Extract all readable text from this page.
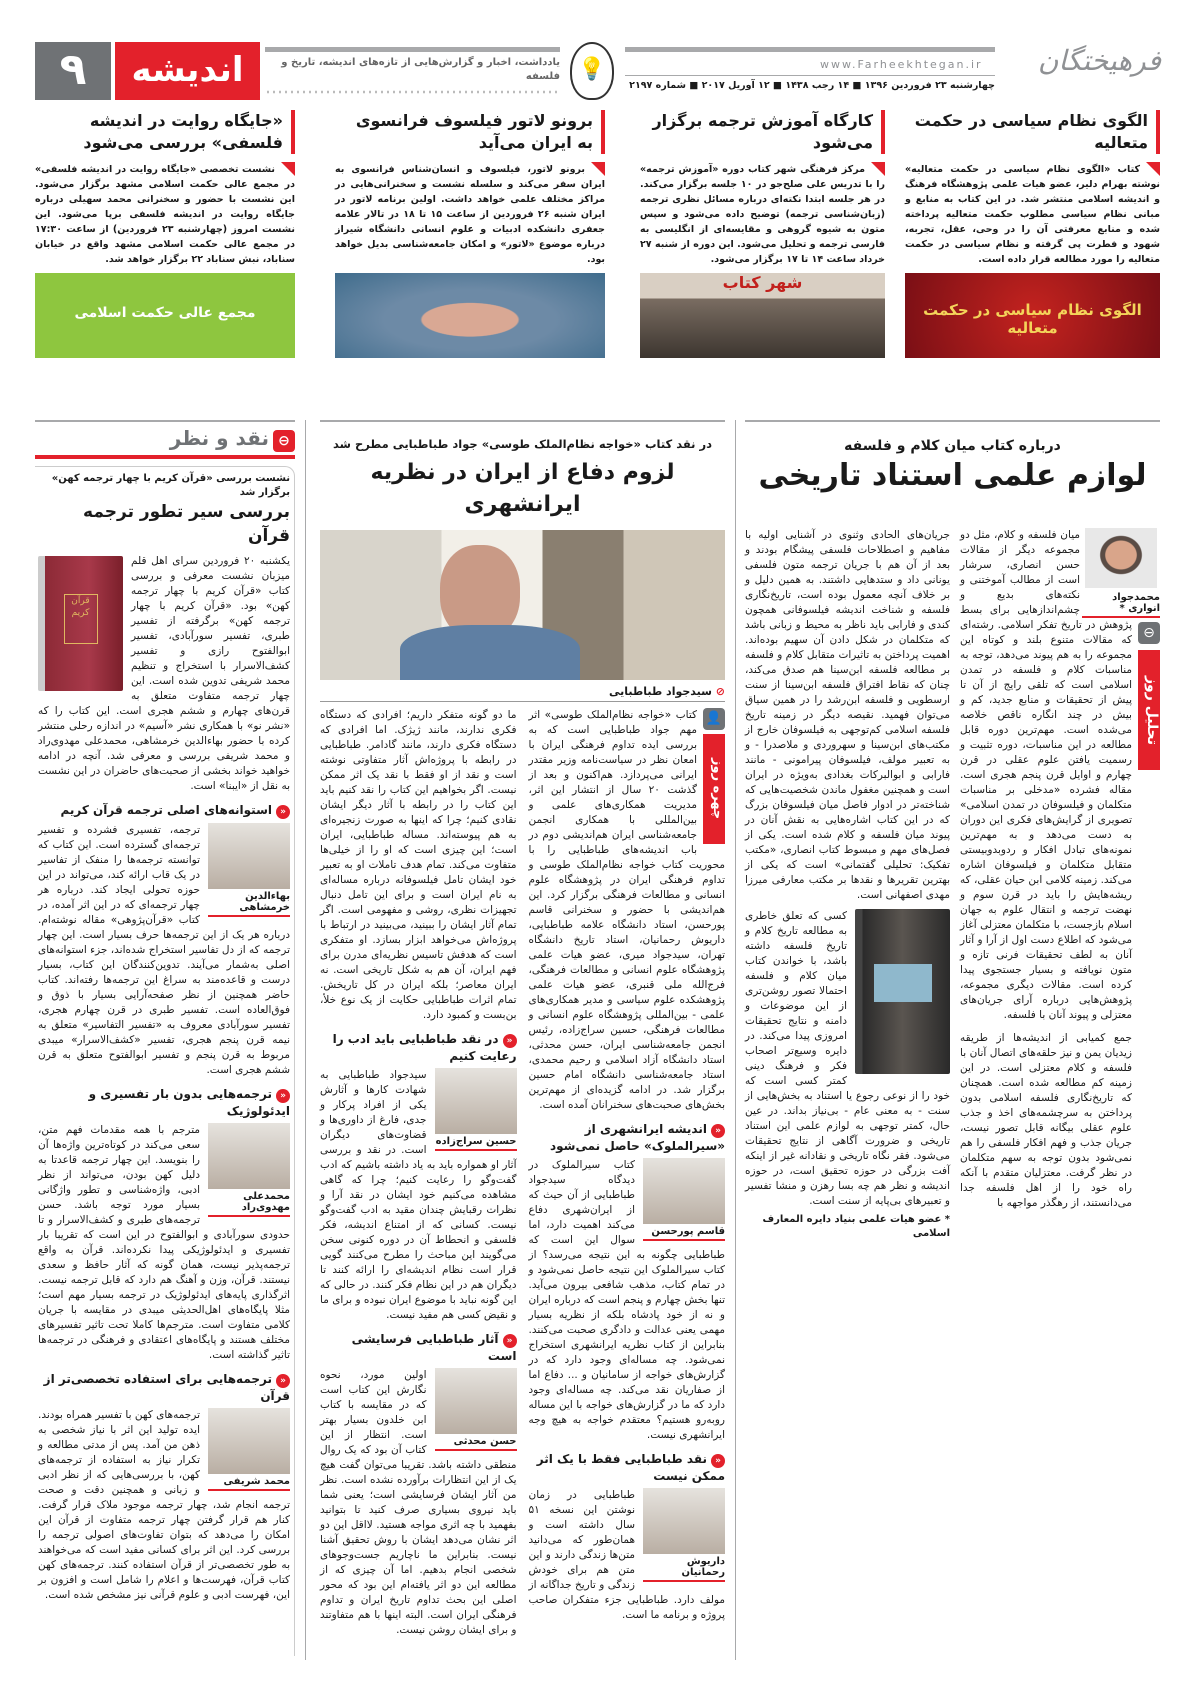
فرهیختگان
www.Farheekhtegan.ir
چهارشنبه ۲۳ فروردین ۱۳۹۶ ■ ۱۴ رجب ۱۴۳۸ ■ ۱۲ آوریل ۲۰۱۷ ■ شماره ۲۱۹۷
💡
یادداشت، اخبار و گزارش‌هایی از تازه‌های اندیشه، تاریخ و فلسفه
اندیشه
۹
الگوی نظام سیاسی در حکمت متعالیه
کتاب «الگوی نظام سیاسی در حکمت متعالیه» نوشته بهرام دلیر، عضو هیات علمی پژوهشگاه فرهنگ و اندیشه اسلامی منتشر شد. در این کتاب به منابع و مبانی نظام سیاسی مطلوب حکمت متعالیه پرداخته شده و منابع معرفتی آن را در وحی، عقل، تجربه، شهود و فطرت پی گرفته و نظام سیاسی در حکمت متعالیه را مورد مطالعه قرار داده است.
الگوی نظام سیاسی در حکمت متعالیه
کارگاه آموزش ترجمه برگزار می‌شود
مرکز فرهنگی شهر کتاب دوره «آموزش ترجمه» را با تدریس علی صلح‌جو در ۱۰ جلسه برگزار می‌کند. در هر جلسه ابتدا نکته‌ای درباره مسائل نظری ترجمه (زبان‌شناسی ترجمه) توضیح داده می‌شود و سپس متون به شیوه گروهی و مقایسه‌ای از انگلیسی به فارسی ترجمه و تحلیل می‌شود. این دوره از شنبه ۲۷ خرداد ساعت ۱۴ تا ۱۷ برگزار می‌شود.
شهر کتاب
برونو لاتور فیلسوف فرانسوی به ایران می‌آید
برونو لاتور، فیلسوف و انسان‌شناس فرانسوی به ایران سفر می‌کند و سلسله نشست و سخنرانی‌هایی در مراکز مختلف علمی خواهد داشت. اولین برنامه لاتور در ایران شنبه ۲۶ فروردین از ساعت ۱۵ تا ۱۸ در تالار علامه جعفری دانشکده ادبیات و علوم انسانی دانشگاه شیراز درباره موضوع «لاتور» و امکان جامعه‌شناسی بدیل خواهد بود.
«جایگاه روایت در اندیشه فلسفی» بررسی می‌شود
نشست تخصصی «جایگاه روایت در اندیشه فلسفی» در مجمع عالی حکمت اسلامی مشهد برگزار می‌شود. این نشست با حضور و سخنرانی محمد سهیلی درباره جایگاه روایت در اندیشه فلسفی برپا می‌شود. این نشست امروز (چهارشنبه ۲۳ فروردین) از ساعت ۱۷:۳۰ در مجمع عالی حکمت اسلامی مشهد واقع در خیابان سناباد، نبش سناباد ۲۲ برگزار خواهد شد.
مجمع عالی حکمت اسلامی
درباره کتاب میان کلام و فلسفه
لوازم علمی استناد تاریخی
محمدجواد انواری *
⊖
تحلیل روز
میان فلسفه و کلام، مثل دو مجموعه دیگر از مقالات حسن انصاری، سرشار است از مطالب آموختنی و نکته‌های بدیع و چشم‌اندازهایی برای بسط پژوهش در تاریخ تفکر اسلامی. رشته‌ای که مقالات متنوع بلند و کوتاه این مجموعه را به هم پیوند می‌دهد، توجه به مناسبات کلام و فلسفه در تمدن اسلامی است که تلقی رایج از آن تا پیش از تحقیقات و منابع جدید، کم و بیش در چند انگاره ناقص خلاصه می‌شده است. مهم‌ترین دوره قابل مطالعه در این مناسبات، دوره تثبیت و رسمیت یافتن علوم عقلی در قرن چهارم و اوایل قرن پنجم هجری است. مقاله فشرده «مدخلی بر مناسبات متکلمان و فیلسوفان در تمدن اسلامی» تصویری از گرایش‌های فکری این دوران به دست می‌دهد و به مهم‌ترین نمونه‌های تبادل افکار و ردوبدوبیستی متقابل متکلمان و فیلسوفان اشاره می‌کند. زمینه کلامی ابن حیان عقلی، که ریشه‌هایش را باید در قرن سوم و نهضت ترجمه و انتقال علوم به جهان اسلام بازجست، با متکلمان معتزلی آغاز می‌شود که اطلاع دست اول از آرا و آثار آنان به لطف تحقیقات فرنی تازه و متون نویافته و بسیار جستجوی پیدا کرده است. مقالات دیگری مجموعه، پژوهش‌هایی درباره آرای جریان‌های معتزلی و پیوند آنان با فلسفه.
جمع کمیابی از اندیشه‌ها از طریقه زیدیان یمن و نیز حلقه‌های اتصال آنان با فلسفه و کلام معتزلی است. در این زمینه کم مطالعه شده است. همچنان که تاریخ‌نگاری فلسفه اسلامی بدون پرداختن به سرچشمه‌های اخذ و جذب علوم عقلی بیگانه قابل تصور نیست، جریان جذب و فهم افکار فلسفی را هم نمی‌شود بدون توجه به سهم متکلمان در نظر گرفت. معتزلیان متقدم با آنکه راه خود را از اهل فلسفه جدا می‌دانستند، از رهگذر مواجهه با
جریان‌های الحادی وثنوی در آشنایی اولیه با مفاهیم و اصطلاحات فلسفی پیشگام بودند و بعد از آن هم با جریان ترجمه متون فلسفی یونانی داد و ستدهایی داشتند. به همین دلیل و بر خلاف آنچه معمول بوده است، تاریخ‌نگاری فلسفه و شناخت اندیشه فیلسوفانی همچون کندی و فارابی باید ناظر به محیط و زبانی باشد که متکلمان در شکل دادن آن سهیم بوده‌اند. اهمیت پرداختن به تاثیرات متقابل کلام و فلسفه بر مطالعه فلسفه ابن‌سینا هم صدق می‌کند، چنان که نقاط افتراق فلسفه ابن‌سینا از سنت ارسطویی و فلسفه ابن‌رشد را در همین سیاق می‌توان فهمید. نقیصه دیگر در زمینه تاریخ فلسفه اسلامی کم‌توجهی به فیلسوفان خارج از مکتب‌های ابن‌سینا و سهروردی و ملاصدرا - و به تعبیر مولف، فیلسوفان پیرامونی - مانند فارابی و ابوالبرکات بغدادی به‌ویژه در ایران است و همچنین مغفول ماندن شخصیت‌هایی که شناخته‌تر در ادوار فاصل میان فیلسوفان بزرگ که در این کتاب اشاره‌هایی به نقش آنان در پیوند میان فلسفه و کلام شده است. یکی از فصل‌های مهم و مبسوط کتاب انصاری، «مکتب تفکیک: تحلیلی گفتمانی» است که یکی از بهترین تقریرها و نقدها بر مکتب معارفی میرزا مهدی اصفهانی است.
کسی که تعلق خاطری به مطالعه تاریخ کلام و تاریخ فلسفه داشته باشد، با خواندن کتاب میان کلام و فلسفه احتمالا تصور روشن‌تری از این موضوعات و دامنه و نتایج تحقیقات امروزی پیدا می‌کند. در دایره وسیع‌تر اصحاب فکر و فرهنگ دینی کمتر کسی است که خود را از نوعی رجوع یا استناد به بخش‌هایی از سنت - به معنی عام - بی‌نیاز بداند. در عین حال، کمتر توجهی به لوازم علمی این استناد تاریخی و ضرورت آگاهی از نتایج تحقیقات می‌شود. فقر نگاه تاریخی و نقادانه غیر از اینکه آفت بزرگی در حوزه تحقیق است، در حوزه اندیشه و نظر هم چه بسا رهزن و منشا تفسیر و تعبیرهای بی‌پایه از سنت است.
* عضو هیات علمی بنیاد دایره المعارف اسلامی
در نقد کتاب «خواجه نظام‌الملک طوسی» جواد طباطبایی مطرح شد
لزوم دفاع از ایران در نظریه ایرانشهری
⊘ سیدجواد طباطبایی
👤
چهره روز
کتاب «خواجه نظام‌الملک طوسی» اثر مهم جواد طباطبایی است که به بررسی ایده تداوم فرهنگی ایران با امعان نظر در سیاست‌نامه وزیر مقتدر ایرانی می‌پردازد. هم‌اکنون و بعد از گذشت ۲۰ سال از انتشار این اثر، مدیریت همکاری‌های علمی و بین‌المللی با همکاری انجمن جامعه‌شناسی ایران هم‌اندیشی دوم در باب اندیشه‌های طباطبایی را با محوریت کتاب خواجه نظام‌الملک طوسی و تداوم فرهنگی ایران در پژوهشگاه علوم انسانی و مطالعات فرهنگی برگزار کرد. این هم‌اندیشی با حضور و سخنرانی قاسم پورحسن، استاد دانشگاه علامه طباطبایی، داریوش رحمانیان، استاد تاریخ دانشگاه تهران، سیدجواد میری، عضو هیات علمی پژوهشگاه علوم انسانی و مطالعات فرهنگی، فرج‌الله ملی قنبری، عضو هیات علمی پژوهشکده علوم سیاسی و مدیر همکاری‌های علمی - بین‌المللی پژوهشگاه علوم انسانی و مطالعات فرهنگی، حسین سراج‌زاده، رئیس انجمن جامعه‌شناسی ایران، حسن محدثی، استاد دانشگاه آزاد اسلامی و رحیم محمدی، استاد جامعه‌شناسی دانشگاه امام حسین برگزار شد. در ادامه گزیده‌ای از مهم‌ترین بخش‌های صحبت‌های سخنرانان آمده است.
«اندیشه ایرانشهری از «سیرالملوک» حاصل نمی‌شود
قاسم پورحسن
کتاب سیرالملوک در دیدگاه سیدجواد طباطبایی از آن حیث که از ایران‌شهری دفاع می‌کند اهمیت دارد، اما سوال این است که طباطبایی چگونه به این نتیجه می‌رسد؟ از کتاب سیرالملوک این نتیجه حاصل نمی‌شود و در تمام کتاب، مذهب شافعی بیرون می‌آید. تنها بخش چهارم و پنجم است که درباره ایران و نه از خود پادشاه بلکه از نظریه بسیار مهمی یعنی عدالت و دادگری صحبت می‌کنند. بنابراین از کتاب نظریه ایرانشهری استخراج نمی‌شود. چه مساله‌ای وجود دارد که در گزارش‌های خواجه از سامانیان و ... دفاع اما از صفاریان نقد می‌کند. چه مساله‌ای وجود دارد که ما در گزارش‌های خواجه با این مساله روبه‌رو هستیم؟ معتقدم خواجه به هیچ وجه ایرانشهری نیست.
«نقد طباطبایی فقط با یک اثر ممکن نیست
داریوش رحمانیان
طباطبایی در زمان نوشتن این نسخه ۵۱ سال داشته است و همان‌طور که می‌دانید متن‌ها زندگی دارند و این متن هم برای خودش زندگی و تاریخ جداگانه از مولف دارد. طباطبایی جزء متفکران صاحب پروژه و برنامه ما است.
ما دو گونه متفکر داریم؛ افرادی که دستگاه فکری ندارند، مانند ژیژک. اما افرادی که دستگاه فکری دارند، مانند گادامر. طباطبایی در رابطه با پروژه‌اش آثار متفاوتی نوشته است و نقد از او فقط با نقد یک اثر ممکن نیست. اگر بخواهیم این کتاب را نقد کنیم باید این کتاب را در رابطه با آثار دیگر ایشان نقادی کنیم؛ چرا که اینها به صورت زنجیره‌ای به هم پیوسته‌اند. مساله طباطبایی، ایران است؛ این چیزی است که او را از خیلی‌ها متفاوت می‌کند. تمام هدف تاملات او به تعبیر خود ایشان تامل فیلسوفانه درباره مساله‌ای به نام ایران است و برای این تامل دنبال تجهیزات نظری، روشی و مفهومی است. اگر تمام آثار ایشان را ببینید، می‌بینید در ارتباط با پروژه‌اش می‌خواهد ابزار بسازد. او متفکری است که هدفش تاسیس نظریه‌ای مدرن برای فهم ایران، آن هم به شکل تاریخی است. نه ایران معاصر؛ بلکه ایران در کل تاریخش. تمام اثرات طباطبایی حکایت از یک نوع خلأ، بن‌بست و کمبود دارد.
«در نقد طباطبایی باید ادب را رعایت کنیم
حسین سراج‌زاده
سیدجواد طباطبایی به شهادت کارها و آثارش یکی از افراد پرکار و جدی، فارغ از داوری‌ها و قضاوت‌های دیگران است. در نقد و بررسی آثار او همواره باید به یاد داشته باشیم که ادب گفت‌وگو را رعایت کنیم؛ چرا که گاهی مشاهده می‌کنیم خود ایشان در نقد آرا و نظرات رقبایش چندان مقید به ادب گفت‌وگو نیست. کسانی که از امتناع اندیشه، فکر فلسفی و انحطاط آن در دوره کنونی سخن می‌گویند این مباحث را مطرح می‌کنند گویی قرار است نظام اندیشه‌ای را ارائه کنند تا دیگران هم در این نظام فکر کنند. در حالی که این گونه نباید با موضوع ایران نبوده و برای ما و نقیض کسی هم مفید نیست.
«آثار طباطبایی فرسایشی است
حسن محدثی
اولین مورد، نحوه نگارش این کتاب است که در مقایسه با کتاب ابن خلدون بسیار بهتر است. انتظار از این کتاب آن بود که یک روال منطقی داشته باشد. تقریبا می‌توان گفت هیچ یک از این انتظارات برآورده نشده است. نظر من آثار ایشان فرسایشی است؛ یعنی شما باید نیروی بسیاری صرف کنید تا بتوانید بفهمید با چه اثری مواجه هستید. لااقل این دو اثر نشان می‌دهد ایشان با روش تحقیق آشنا نیست. بنابراین ما ناچاریم جست‌وجوهای شخصی انجام بدهیم. اما آن چیزی که از مطالعه این دو اثر یافته‌ام این بود که محور اصلی این بحث تداوم تاریخ ایران و تداوم فرهنگی ایران است. البته اینها با هم متفاوتند و برای ایشان روشن نیست.
⊖نقد و نظر
نشست بررسی «قرآن کریم با چهار ترجمه کهن» برگزار شد
بررسی سیر تطور ترجمه قرآن
قرآن کریم
یکشنبه ۲۰ فروردین سرای اهل قلم میزبان نشست معرفی و بررسی کتاب «قرآن کریم با چهار ترجمه کهن» بود. «قرآن کریم با چهار ترجمه کهن» برگرفته از تفسیر طبری، تفسیر سورآبادی، تفسیر ابوالفتوح رازی و تفسیر کشف‌الاسرار با استخراج و تنظیم محمد شریفی تدوین شده است. این چهار ترجمه متفاوت متعلق به قرن‌های چهارم و ششم هجری است. این کتاب را که «نشر نو» با همکاری نشر «آسیم» در اندازه رحلی منتشر کرده با حضور بهاءالدین خرمشاهی، محمدعلی مهدوی‌راد و محمد شریفی بررسی و معرفی شد. آنچه در ادامه خواهید خواند بخشی از صحبت‌های حاضران در این نشست به نقل از «ایبنا» است.
«استوانه‌های اصلی ترجمه قرآن کریم
بهاءالدین خرمشاهی
ترجمه، تفسیری فشرده و تفسیر ترجمه‌ای گسترده است. این کتاب که توانسته ترجمه‌ها را منفک از تفاسیر در یک قاب ارائه کند، می‌تواند در این حوزه تحولی ایجاد کند. درباره هر چهار ترجمه‌ای که در این اثر آمده، در کتاب «قرآن‌پژوهی» مقاله نوشته‌ام. درباره هر یک از این ترجمه‌ها حرف بسیار است. این چهار ترجمه که از دل تفاسیر استخراج شده‌اند، جزء استوانه‌های اصلی به‌شمار می‌آیند. تدوین‌کنندگان این کتاب، بسیار درست و قاعده‌مند به سراغ این ترجمه‌ها رفته‌اند. کتاب حاضر همچنین از نظر صفحه‌آرایی بسیار با ذوق و فوق‌العاده است. تفسیر طبری در قرن چهارم هجری، تفسیر سورآبادی معروف به «تفسیر التفاسیر» متعلق به نیمه قرن پنجم هجری، تفسیر «کشف‌الاسرار» میبدی مربوط به قرن پنجم و تفسیر ابوالفتوح متعلق به قرن ششم هجری است.
«ترجمه‌هایی بدون بار تفسیری و ایدئولوژیک
محمدعلی مهدوی‌راد
مترجم با همه مقدمات فهم متن، سعی می‌کند در کوتاه‌ترین واژه‌ها آن را بنویسد. این چهار ترجمه قاعدتا به دلیل کهن بودن، می‌تواند از نظر ادبی، واژه‌شناسی و تطور واژگانی بسیار مورد توجه باشد. حسن ترجمه‌های طبری و کشف‌الاسرار و تا حدودی سورآبادی و ابوالفتوح در این است که تقریبا بار تفسیری و ایدئولوژیکی پیدا نکرده‌اند. قرآن به واقع ترجمه‌پذیر نیست، همان گونه که آثار حافظ و سعدی نیستند. قرآن، وزن و آهنگ هم دارد که قابل ترجمه نیست. اثرگذاری پایه‌های ایدئولوژیک در ترجمه بسیار مهم است؛ مثلا پایگاه‌های اهل‌الحدیثی میبدی در مقایسه با جریان کلامی متفاوت است. مترجم‌ها کاملا تحت تاثیر تفسیرهای مختلف هستند و پایگاه‌های اعتقادی و فرهنگی در ترجمه‌ها تاثیر گذاشته است.
«ترجمه‌هایی برای استفاده تخصصی‌تر از قرآن
محمد شریفی
ترجمه‌های کهن با تفسیر همراه بودند. ایده تولید این اثر با نیاز شخصی به ذهن من آمد. پس از مدتی مطالعه و تکرار نیاز به استفاده از ترجمه‌های کهن، با بررسی‌هایی که از نظر ادبی و زبانی و همچنین دقت و صحت ترجمه انجام شد، چهار ترجمه موجود ملاک قرار گرفت. کنار هم قرار گرفتن چهار ترجمه متفاوت از قرآن این امکان را می‌دهد که بتوان تفاوت‌های اصولی ترجمه را بررسی کرد. این اثر برای کسانی مفید است که می‌خواهند به طور تخصصی‌تر از قرآن استفاده کنند. ترجمه‌های کهن کتاب قرآن، فهرست‌ها و اعلام را شامل است و افزون بر این، فهرست ادبی و علوم قرآنی نیز مشخص شده است.
